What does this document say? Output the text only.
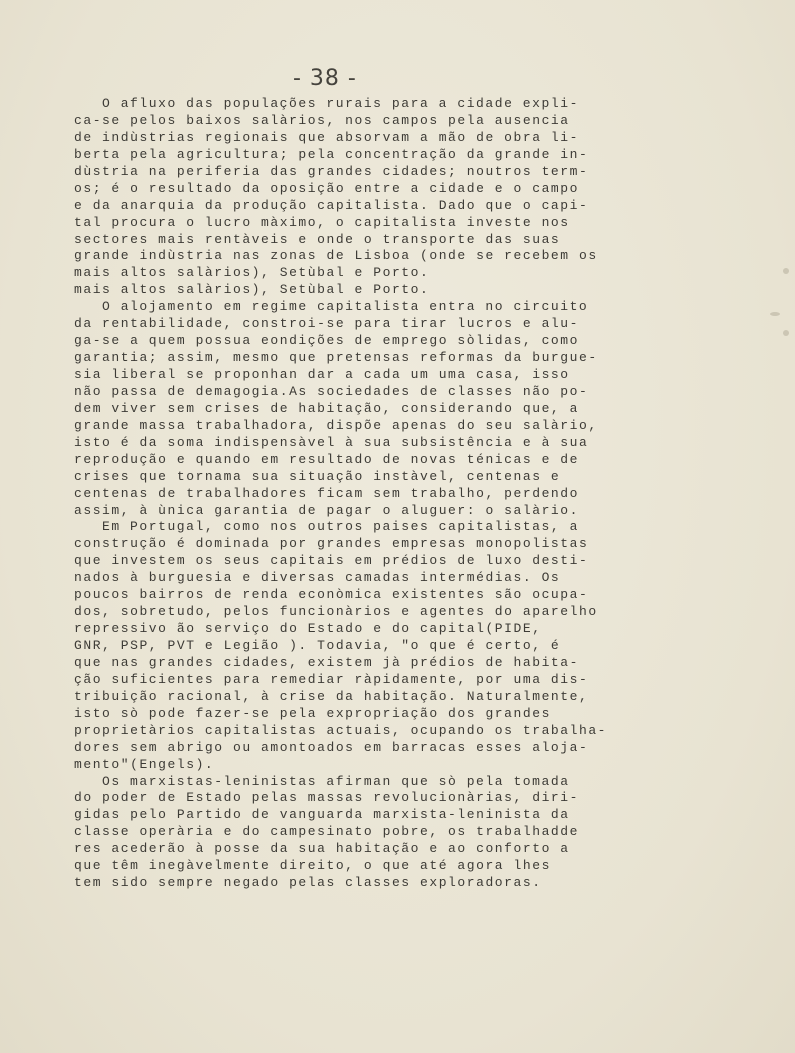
- 38 -
O afluxo das populações rurais para a cidade expli-
ca-se pelos baixos salàrios, nos campos pela ausencia
de indùstrias regionais que absorvam a mão de obra li-
berta pela agricultura; pela concentração da grande in-
dùstria na periferia das grandes cidades; noutros term-
os; é o resultado da oposição entre a cidade e o campo
e da anarquia da produção capitalista. Dado que o capi-
tal procura o lucro màximo, o capitalista investe nos
sectores mais rentàveis e onde o transporte das suas
grande indùstria nas zonas de Lisboa (onde se recebem os
mais altos salàrios), Setùbal e Porto.
mais altos salàrios), Setùbal e Porto.
O alojamento em regime capitalista entra no circuito
da rentabilidade, constroi-se para tirar lucros e alu-
ga-se a quem possua eondições de emprego sòlidas, como
garantia; assim, mesmo que pretensas reformas da burgue-
sia liberal se proponhan dar a cada um uma casa, isso
não passa de demagogia.As sociedades de classes não po-
dem viver sem crises de habitação, considerando que, a
grande massa trabalhadora, dispõe apenas do seu salàrio,
isto é da soma indispensàvel à sua subsistência e à sua
reprodução e quando em resultado de novas ténicas e de
crises que tornama sua situação instàvel, centenas e
centenas de trabalhadores ficam sem trabalho, perdendo
assim, à ùnica garantia de pagar o aluguer: o salàrio.
Em Portugal, como nos outros paises capitalistas, a
construção é dominada por grandes empresas monopolistas
que investem os seus capitais em prédios de luxo desti-
nados à burguesia e diversas camadas intermédias. Os
poucos bairros de renda econòmica existentes são ocupa-
dos, sobretudo, pelos funcionàrios e agentes do aparelho
repressivo ão serviço do Estado e do capital(PIDE,
GNR, PSP, PVT e Legião ). Todavia, "o que é certo, é
que nas grandes cidades, existem jà prédios de habita-
ção suficientes para remediar ràpidamente, por uma dis-
tribuição racional, à crise da habitação. Naturalmente,
isto sò pode fazer-se pela expropriação dos grandes
proprietàrios capitalistas actuais, ocupando os trabalha-
dores sem abrigo ou amontoados em barracas esses aloja-
mento"(Engels).
Os marxistas-leninistas afirman que sò pela tomada
do poder de Estado pelas massas revolucionàrias, diri-
gidas pelo Partido de vanguarda marxista-leninista da
classe operària e do campesinato pobre, os trabalhadde
res acederão à posse da sua habitação e ao conforto a
que têm inegàvelmente direito, o que até agora lhes
tem sido sempre negado pelas classes exploradoras.
